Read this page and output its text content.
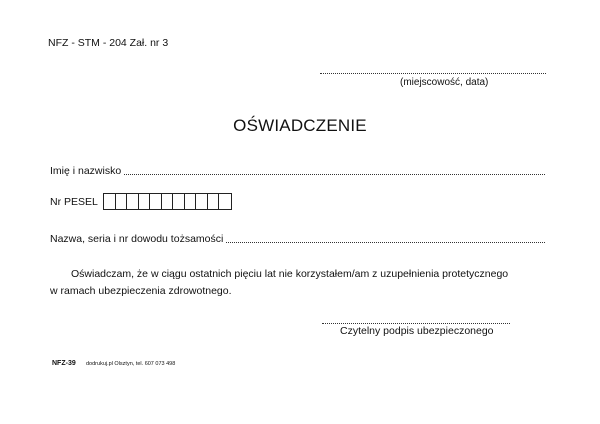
NFZ - STM - 204 Zał. nr 3
(miejscowość, data)
OŚWIADCZENIE
Imię i nazwisko
Nr PESEL
Nazwa, seria i nr dowodu tożsamości
Oświadczam, że w ciągu ostatnich pięciu lat nie korzystałem/am z uzupełnienia protetycznego
w ramach ubezpieczenia zdrowotnego.
Czytelny podpis ubezpieczonego
NFZ-39 dodrukuj.pl Olsztyn, tel. 607 073 498
